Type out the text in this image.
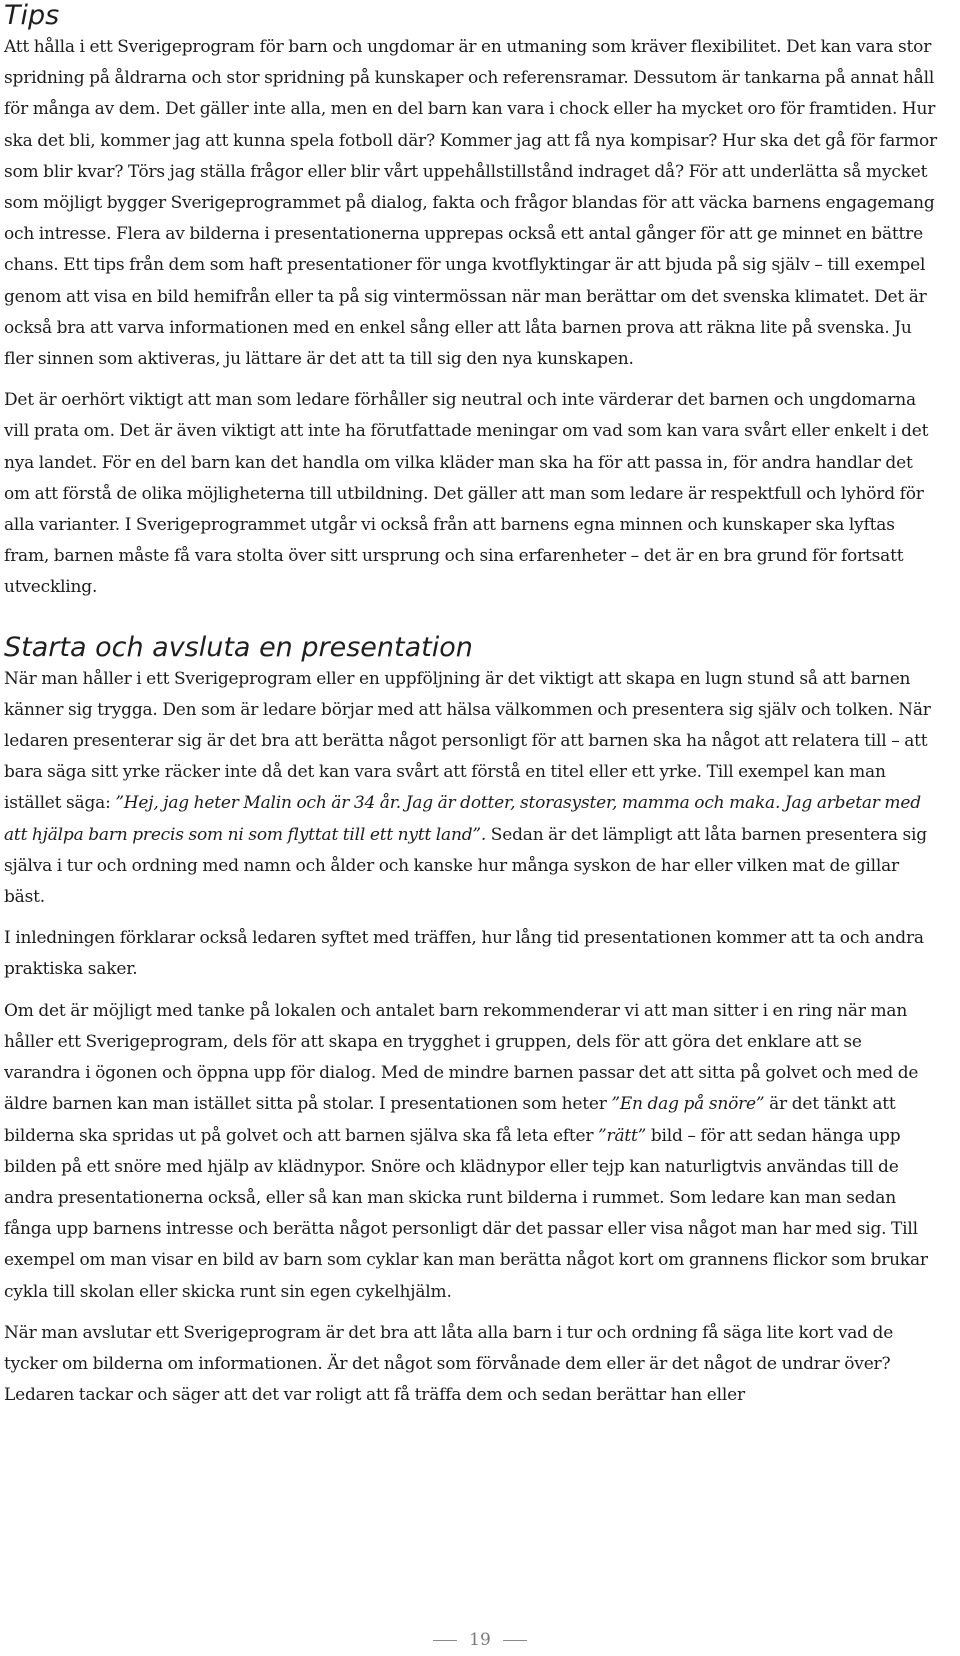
Tips

Att hålla i ett Sverigeprogram för barn och ungdomar är en utmaning som kräver flexibilitet. Det kan vara stor spridning på åldrarna och stor spridning på kunskaper och referensramar. Dessutom är tankarna på annat håll för många av dem. Det gäller inte alla, men en del barn kan vara i chock eller ha mycket oro för framtiden. Hur ska det bli, kommer jag att kunna spela fotboll där? Kommer jag att få nya kompisar? Hur ska det gå för farmor som blir kvar? Törs jag ställa frågor eller blir vårt uppehållstillstånd indraget då? För att underlätta så mycket som möjligt bygger Sverigeprogrammet på dialog, fakta och frågor blandas för att väcka barnens engagemang och intresse. Flera av bilderna i presentationerna upprepas också ett antal gånger för att ge minnet en bättre chans. Ett tips från dem som haft presentationer för unga kvotflyktingar är att bjuda på sig själv – till exempel genom att visa en bild hemifrån eller ta på sig vintermössan när man berättar om det svenska klimatet. Det är också bra att varva informationen med en enkel sång eller att låta barnen prova att räkna lite på svenska. Ju fler sinnen som aktiveras, ju lättare är det att ta till sig den nya kunskapen.

Det är oerhört viktigt att man som ledare förhåller sig neutral och inte värderar det barnen och ungdomarna vill prata om. Det är även viktigt att inte ha förutfattade meningar om vad som kan vara svårt eller enkelt i det nya landet. För en del barn kan det handla om vilka kläder man ska ha för att passa in, för andra handlar det om att förstå de olika möjligheterna till utbildning. Det gäller att man som ledare är respektfull och lyhörd för alla varianter. I Sverigeprogrammet utgår vi också från att barnens egna minnen och kunskaper ska lyftas fram, barnen måste få vara stolta över sitt ursprung och sina erfarenheter – det är en bra grund för fortsatt utveckling.

Starta och avsluta en presentation

När man håller i ett Sverigeprogram eller en uppföljning är det viktigt att skapa en lugn stund så att barnen känner sig trygga. Den som är ledare börjar med att hälsa välkommen och presentera sig själv och tolken. När ledaren presenterar sig är det bra att berätta något personligt för att barnen ska ha något att relatera till – att bara säga sitt yrke räcker inte då det kan vara svårt att förstå en titel eller ett yrke. Till exempel kan man istället säga: ”Hej, jag heter Malin och är 34 år. Jag är dotter, storasyster, mamma och maka. Jag arbetar med att hjälpa barn precis som ni som flyttat till ett nytt land”. Sedan är det lämpligt att låta barnen presentera sig själva i tur och ordning med namn och ålder och kanske hur många syskon de har eller vilken mat de gillar bäst.

I inledningen förklarar också ledaren syftet med träffen, hur lång tid presentationen kommer att ta och andra praktiska saker.

Om det är möjligt med tanke på lokalen och antalet barn rekommenderar vi att man sitter i en ring när man håller ett Sverigeprogram, dels för att skapa en trygghet i gruppen, dels för att göra det enklare att se varandra i ögonen och öppna upp för dialog. Med de mindre barnen passar det att sitta på golvet och med de äldre barnen kan man istället sitta på stolar. I presentationen som heter ”En dag på snöre” är det tänkt att bilderna ska spridas ut på golvet och att barnen själva ska få leta efter ”rätt” bild – för att sedan hänga upp bilden på ett snöre med hjälp av klädnypor. Snöre och klädnypor eller tejp kan naturligtvis användas till de andra presentationerna också, eller så kan man skicka runt bilderna i rummet. Som ledare kan man sedan fånga upp barnens intresse och berätta något personligt där det passar eller visa något man har med sig. Till exempel om man visar en bild av barn som cyklar kan man berätta något kort om grannens flickor som brukar cykla till skolan eller skicka runt sin egen cykelhjälm.

När man avslutar ett Sverigeprogram är det bra att låta alla barn i tur och ordning få säga lite kort vad de tycker om bilderna om informationen. Är det något som förvånade dem eller är det något de undrar över? Ledaren tackar och säger att det var roligt att få träffa dem och sedan berättar han eller

19
